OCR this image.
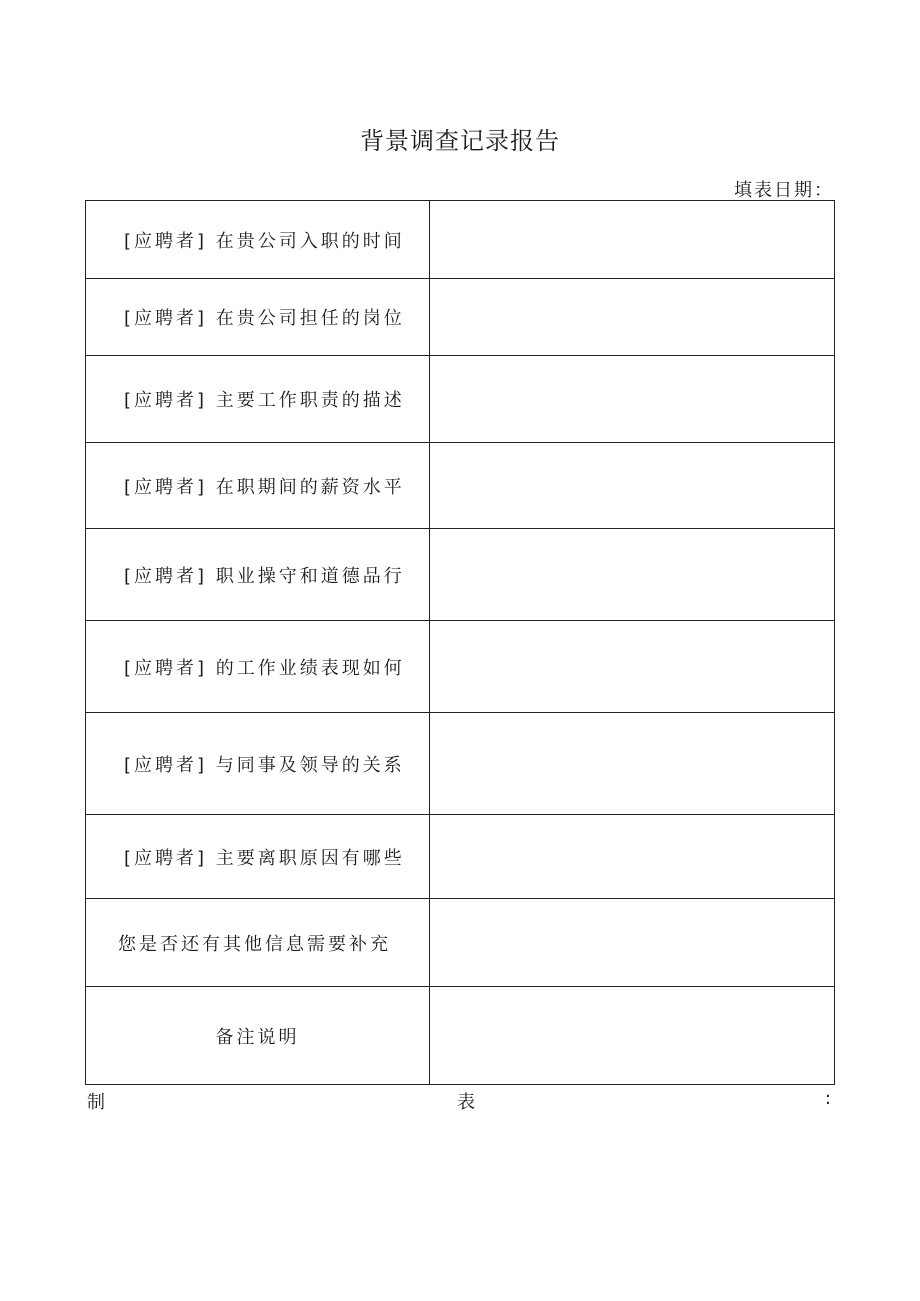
背景调查记录报告
填表日期：
[应聘者] 在贵公司入职的时间	

[应聘者] 在贵公司担任的岗位	

[应聘者] 主要工作职责的描述	

[应聘者] 在职期间的薪资水平	

[应聘者] 职业操守和道德品行	

[应聘者] 的工作业绩表现如何	

[应聘者] 与同事及领导的关系	

[应聘者] 主要离职原因有哪些	

您是否还有其他信息需要补充	

备注说明	

制	表	:
